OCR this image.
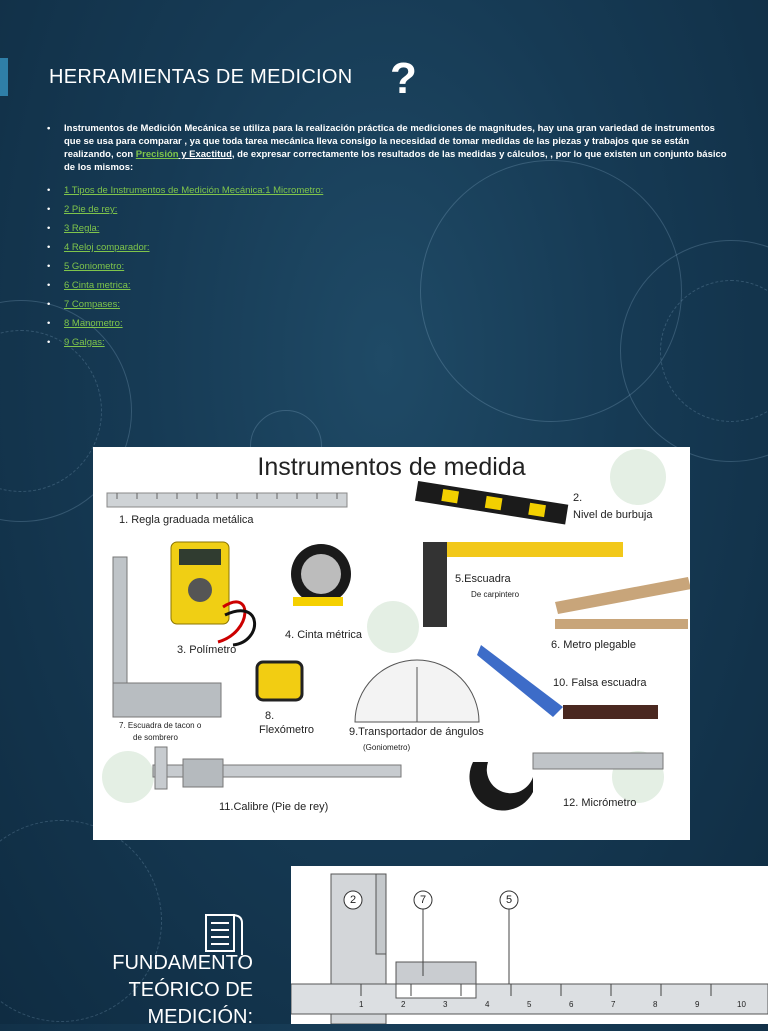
HERRAMIENTAS DE MEDICION ?
• Instrumentos de Medición Mecánica se utiliza para la realización práctica de mediciones de magnitudes, hay una gran variedad de instrumentos que se usa para comparar , ya que toda tarea mecánica lleva consigo la necesidad de tomar medidas de las piezas y trabajos que se están realizando, con Precisión y Exactitud, de expresar correctamente los resultados de las medidas y cálculos, , por lo que existen un conjunto básico de los mismos:
• 1 Tipos de Instrumentos de Medición Mecánica:1 Micrometro:
• 2 Pie de rey:
• 3 Regla:
• 4 Reloj comparador:
• 5 Goniometro:
• 6 Cinta metrica:
• 7 Compases:
• 8 Manometro:
• 9 Galgas:
Instrumentos de medida
1. Regla graduada metálica
2.
Nivel de burbuja
3. Polímetro
4. Cinta métrica
5.Escuadra
De carpintero
6. Metro plegable
7. Escuadra de tacon o
de sombrero
8.
Flexómetro	9.Transportador de ángulos
(Goniometro)
10. Falsa escuadra
11.Calibre (Pie de rey)	12. Micrómetro
FUNDAMENTO
TEÓRICO DE
MEDICIÓN:
2	7	5
1	2	3	4	5	6	7	8	9	10
